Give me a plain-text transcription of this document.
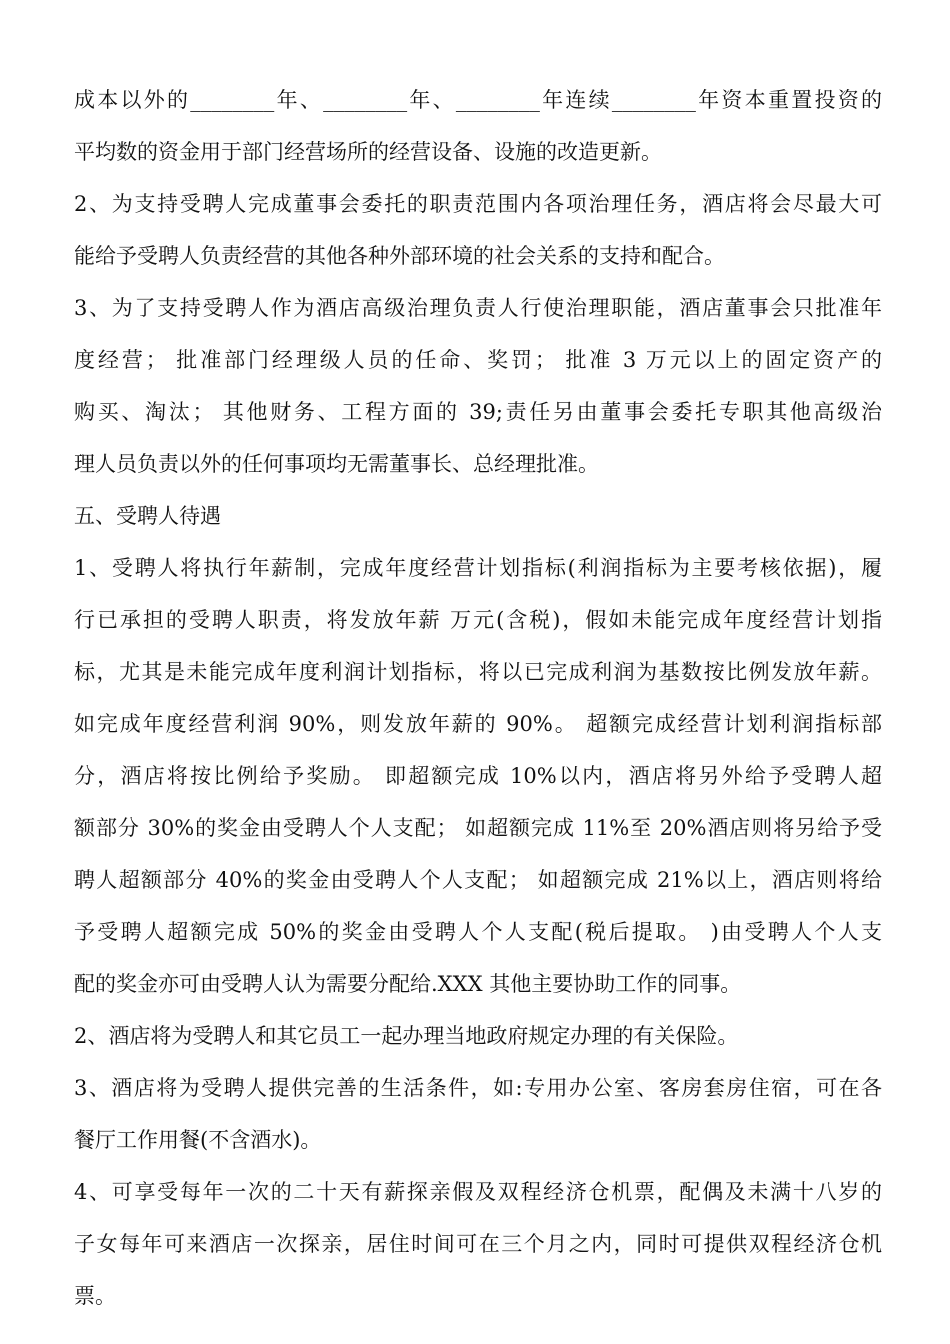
成本以外的________年、________年、________年连续________年资本重置投资的
平均数的资金用于部门经营场所的经营设备、设施的改造更新。
2、为支持受聘人完成董事会委托的职责范围内各项治理任务，酒店将会尽最大可
能给予受聘人负责经营的其他各种外部环境的社会关系的支持和配合。
3、为了支持受聘人作为酒店高级治理负责人行使治理职能，酒店董事会只批准年
度经营； 批准部门经理级人员的任命、奖罚； 批准 3 万元以上的固定资产的
购买、淘汰； 其他财务、工程方面的 39;责任另由董事会委托专职其他高级治
理人员负责以外的任何事项均无需董事长、总经理批准。
五、受聘人待遇
1、受聘人将执行年薪制，完成年度经营计划指标(利润指标为主要考核依据)，履
行已承担的受聘人职责，将发放年薪 万元(含税)，假如未能完成年度经营计划指
标，尤其是未能完成年度利润计划指标，将以已完成利润为基数按比例发放年薪。
如完成年度经营利润 90%，则发放年薪的 90%。 超额完成经营计划利润指标部
分，酒店将按比例给予奖励。 即超额完成 10%以内，酒店将另外给予受聘人超
额部分 30%的奖金由受聘人个人支配； 如超额完成 11%至 20%酒店则将另给予受
聘人超额部分 40%的奖金由受聘人个人支配； 如超额完成 21%以上，酒店则将给
予受聘人超额完成 50%的奖金由受聘人个人支配(税后提取。 )由受聘人个人支
配的奖金亦可由受聘人认为需要分配给.XXX 其他主要协助工作的同事。
2、酒店将为受聘人和其它员工一起办理当地政府规定办理的有关保险。
3、酒店将为受聘人提供完善的生活条件，如:专用办公室、客房套房住宿，可在各
餐厅工作用餐(不含酒水)。
4、可享受每年一次的二十天有薪探亲假及双程经济仓机票，配偶及未满十八岁的
子女每年可来酒店一次探亲，居住时间可在三个月之内，同时可提供双程经济仓机
票。
